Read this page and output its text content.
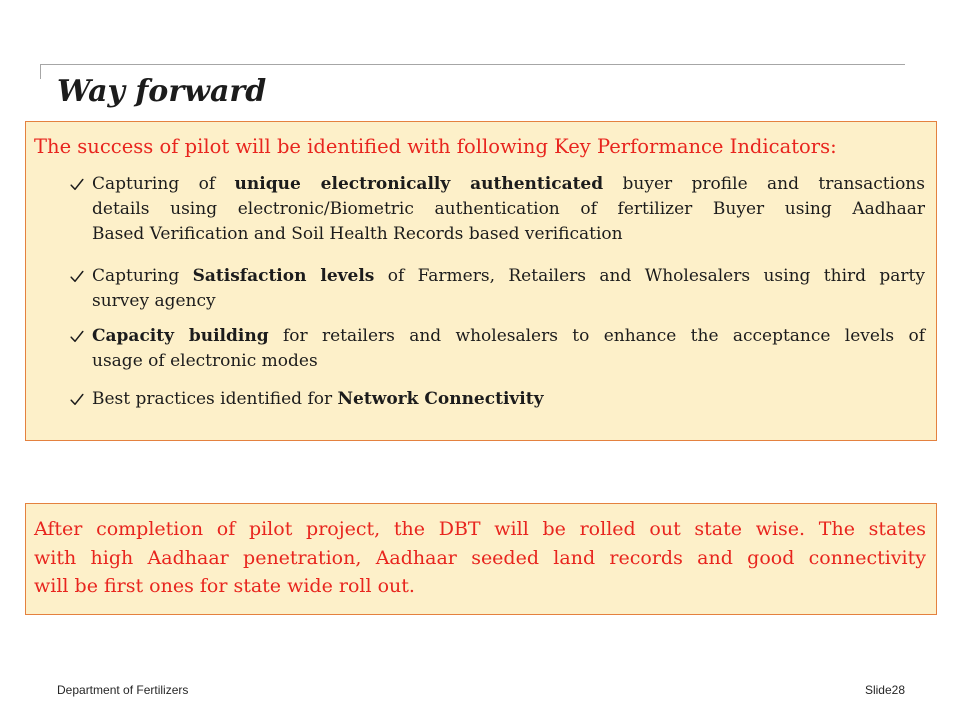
Way forward

The success of pilot will be identified with following Key Performance Indicators:

Capturing of unique electronically authenticated buyer profile and transactions
details using electronic/Biometric authentication of fertilizer Buyer using Aadhaar
Based Verification and Soil Health Records based verification
Capturing Satisfaction levels of Farmers, Retailers and Wholesalers using third party
survey agency
Capacity building for retailers and wholesalers to enhance the acceptance levels of
usage of electronic modes
Best practices identified for Network Connectivity
After completion of pilot project, the DBT will be rolled out state wise. The states
with high Aadhaar penetration, Aadhaar seeded land records and good connectivity
will be first ones for state wide roll out.
Department of Fertilizers	Slide28
